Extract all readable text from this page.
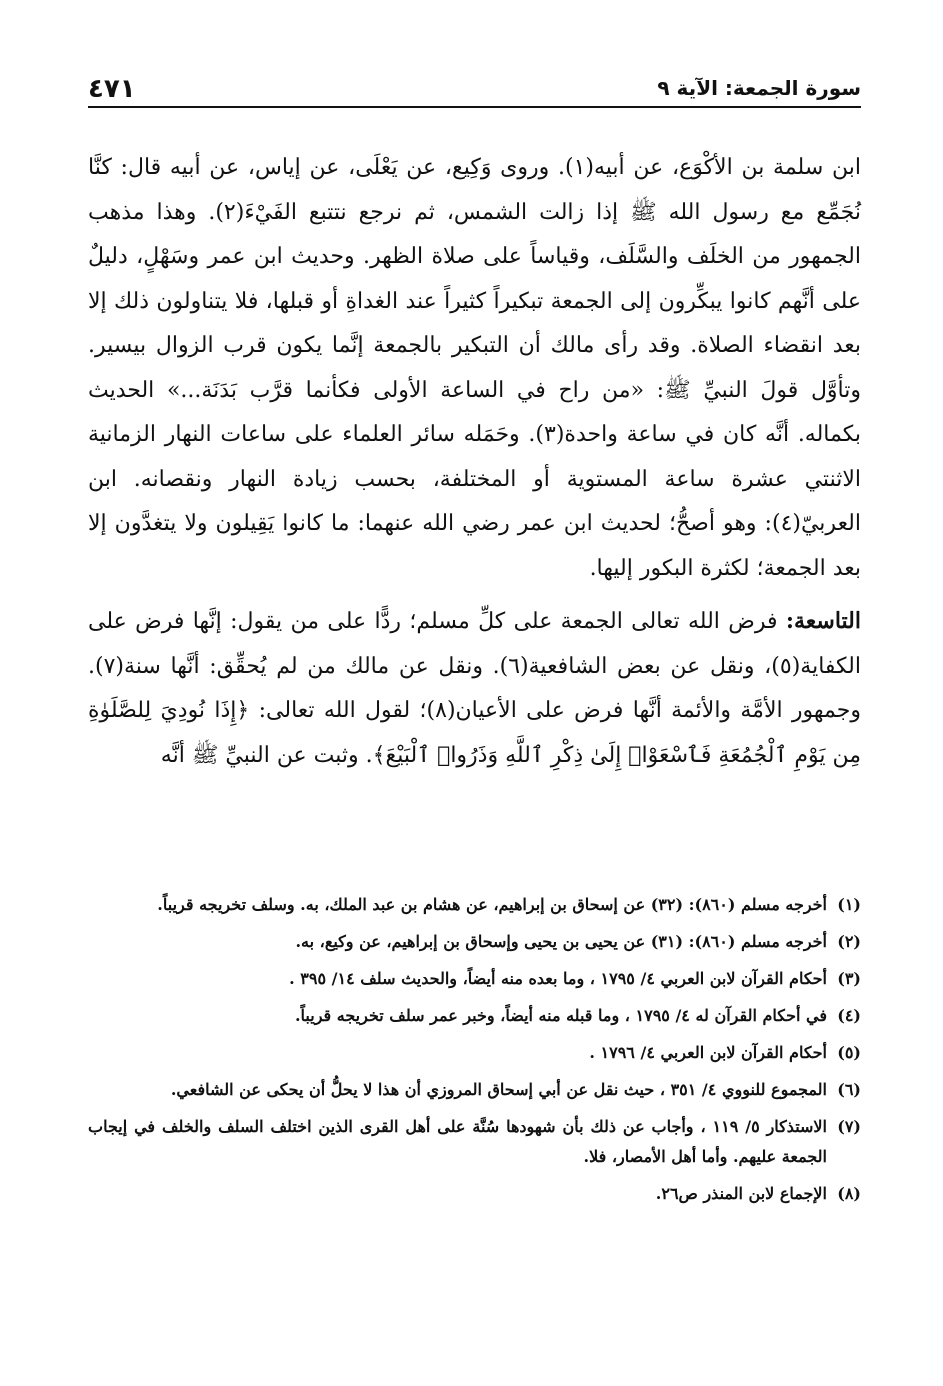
سورة الجمعة: الآية ٩
٤٧١

ابن سلمة بن الأكْوَع، عن أبيه(١). وروى وَكِيع، عن يَعْلَى، عن إياس، عن أبيه قال: كنَّا نُجَمِّع مع رسول الله ﷺ إذا زالت الشمس، ثم نرجع نتتبع الفَيْءَ(٢). وهذا مذهب الجمهور من الخلَف والسَّلَف، وقياساً على صلاة الظهر. وحديث ابن عمر وسَهْلٍ، دليلٌ على أنَّهم كانوا يبكِّرون إلى الجمعة تبكيراً كثيراً عند الغداةِ أو قبلها، فلا يتناولون ذلك إلا بعد انقضاء الصلاة. وقد رأى مالك أن التبكير بالجمعة إنَّما يكون قرب الزوال بيسير. وتأوَّل قولَ النبيِّ ﷺ: «من راح في الساعة الأولى فكأنما قرَّب بَدَنَة...» الحديث بكماله. أنَّه كان في ساعة واحدة(٣). وحَمَله سائر العلماء على ساعات النهار الزمانية الاثنتي عشرة ساعة المستوية أو المختلفة، بحسب زيادة النهار ونقصانه. ابن العربيّ(٤): وهو أصحُّ؛ لحديث ابن عمر رضي الله عنهما: ما كانوا يَقِيلون ولا يتغدَّون إلا بعد الجمعة؛ لكثرة البكور إليها.

التاسعة: فرض الله تعالى الجمعة على كلِّ مسلم؛ ردًّا على من يقول: إنَّها فرض على الكفاية(٥)، ونقل عن بعض الشافعية(٦). ونقل عن مالك من لم يُحقِّق: أنَّها سنة(٧). وجمهور الأمَّة والأئمة أنَّها فرض على الأعيان(٨)؛ لقول الله تعالى: ﴿إِذَا نُودِيَ لِلصَّلَوٰةِ مِن يَوْمِ ٱلْجُمُعَةِ فَٱسْعَوْا۟ إِلَىٰ ذِكْرِ ٱللَّهِ وَذَرُوا۟ ٱلْبَيْعَ﴾. وثبت عن النبيِّ ﷺ أنَّه

(١)
أخرجه مسلم (٨٦٠): (٣٢) عن إسحاق بن إبراهيم، عن هشام بن عبد الملك، به. وسلف تخريجه قريباً.
(٢)
أخرجه مسلم (٨٦٠): (٣١) عن يحيى بن يحيى وإسحاق بن إبراهيم، عن وكيع، به.
(٣)
أحكام القرآن لابن العربي ٤/ ١٧٩٥ ، وما بعده منه أيضاً، والحديث سلف ١٤/ ٣٩٥ .
(٤)
في أحكام القرآن له ٤/ ١٧٩٥ ، وما قبله منه أيضاً، وخبر عمر سلف تخريجه قريباً.
(٥)
أحكام القرآن لابن العربي ٤/ ١٧٩٦ .
(٦)
المجموع للنووي ٤/ ٣٥١ ، حيث نقل عن أبي إسحاق المروزي أن هذا لا يحلُّ أن يحكى عن الشافعي.
(٧)
الاستذكار ٥/ ١١٩ ، وأجاب عن ذلك بأن شهودها سُنَّة على أهل القرى الذين اختلف السلف والخلف في إيجاب الجمعة عليهم. وأما أهل الأمصار، فلا.
(٨)
الإجماع لابن المنذر ص٢٦.
